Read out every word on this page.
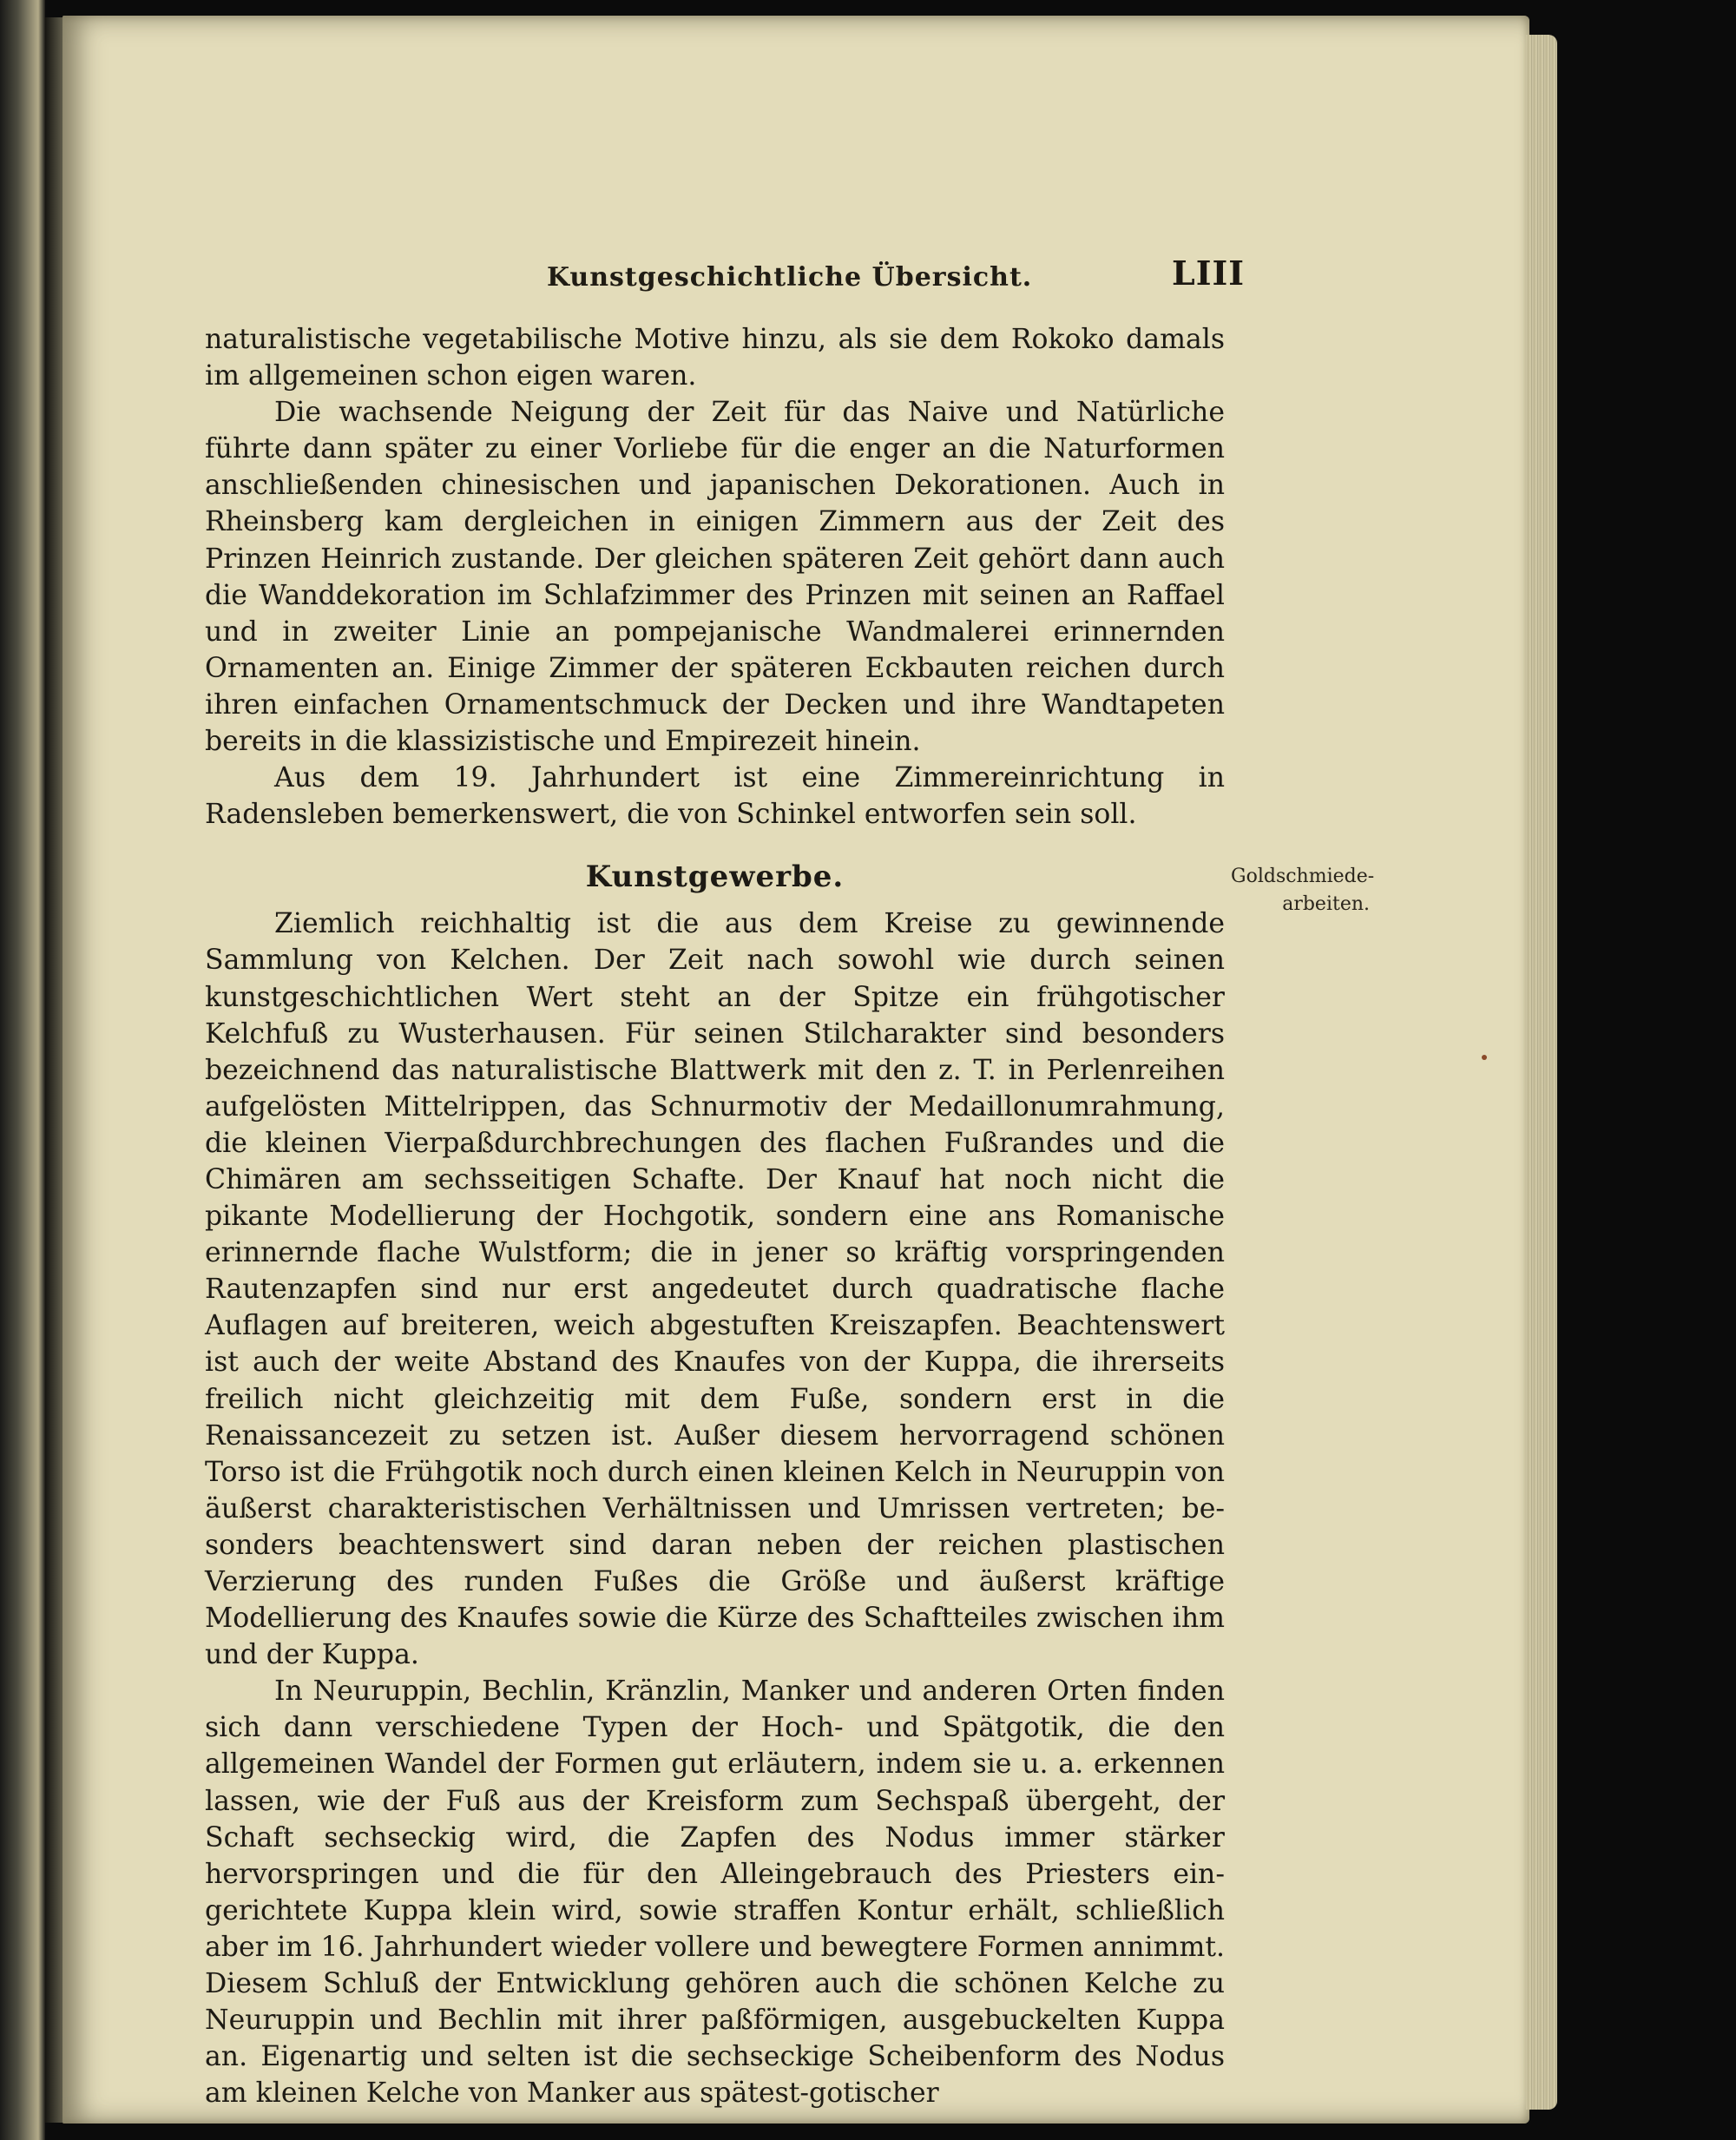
Kunstgeschichtliche Übersicht.	LIII

naturalistische vegetabilische Motive hinzu, als sie dem Rokoko damals im allgemeinen schon eigen waren.

Die wachsende Neigung der Zeit für das Naive und Natürliche führte dann später zu einer Vorliebe für die enger an die Naturformen anschließenden chinesischen und japanischen Dekorationen. Auch in Rheinsberg kam dergleichen in einigen Zimmern aus der Zeit des Prinzen Heinrich zustande. Der gleichen späteren Zeit gehört dann auch die Wanddekoration im Schlafzimmer des Prinzen mit seinen an Raffael und in zweiter Linie an pompejanische Wandmalerei erinnernden Ornamenten an. Einige Zimmer der späteren Eckbauten reichen durch ihren einfachen Ornamentschmuck der Decken und ihre Wandtapeten bereits in die klassizistische und Empirezeit hinein.

Aus dem 19. Jahrhundert ist eine Zimmereinrichtung in Radensleben bemerkenswert, die von Schinkel entworfen sein soll.

Kunstgewerbe.

Ziemlich reichhaltig ist die aus dem Kreise zu gewinnende Sammlung von Kelchen. Der Zeit nach sowohl wie durch seinen kunstgeschichtlichen Wert steht an der Spitze ein frühgotischer Kelchfuß zu Wusterhausen. Für seinen Stilcharakter sind besonders bezeichnend das naturalistische Blattwerk mit den z. T. in Perlenreihen aufgelösten Mittelrippen, das Schnurmotiv der Medaillonumrahmung, die kleinen Vierpaßdurchbrechungen des flachen Fußrandes und die Chimären am sechsseitigen Schafte. Der Knauf hat noch nicht die pikante Modellierung der Hochgotik, sondern eine ans Romanische erinnernde flache Wulstform; die in jener so kräftig vorspringenden Rautenzapfen sind nur erst angedeutet durch quadratische flache Auflagen auf breiteren, weich abgestuften Kreiszapfen. Beachtenswert ist auch der weite Abstand des Knaufes von der Kuppa, die ihrerseits freilich nicht gleichzeitig mit dem Fuße, sondern erst in die Renaissancezeit zu setzen ist. Außer diesem hervorragend schönen Torso ist die Frühgotik noch durch einen kleinen Kelch in Neuruppin von äußerst charakteristischen Verhältnissen und Umrissen vertreten; besonders beachtenswert sind daran neben der reichen plastischen Verzierung des runden Fußes die Größe und äußerst kräftige Modellierung des Knaufes sowie die Kürze des Schaftteiles zwischen ihm und der Kuppa.

In Neuruppin, Bechlin, Kränzlin, Manker und anderen Orten finden sich dann verschiedene Typen der Hoch- und Spätgotik, die den allgemeinen Wandel der Formen gut erläutern, indem sie u. a. erkennen lassen, wie der Fuß aus der Kreisform zum Sechspaß übergeht, der Schaft sechseckig wird, die Zapfen des Nodus immer stärker hervorspringen und die für den Alleingebrauch des Priesters eingerichtete Kuppa klein wird, sowie straffen Kontur erhält, schließlich aber im 16. Jahrhundert wieder vollere und bewegtere Formen annimmt. Diesem Schluß der Entwicklung gehören auch die schönen Kelche zu Neuruppin und Bechlin mit ihrer paßförmigen, ausgebuckelten Kuppa an. Eigenartig und selten ist die sechseckige Scheibenform des Nodus am kleinen Kelche von Manker aus spätest-gotischer

Goldschmiede-
arbeiten.
